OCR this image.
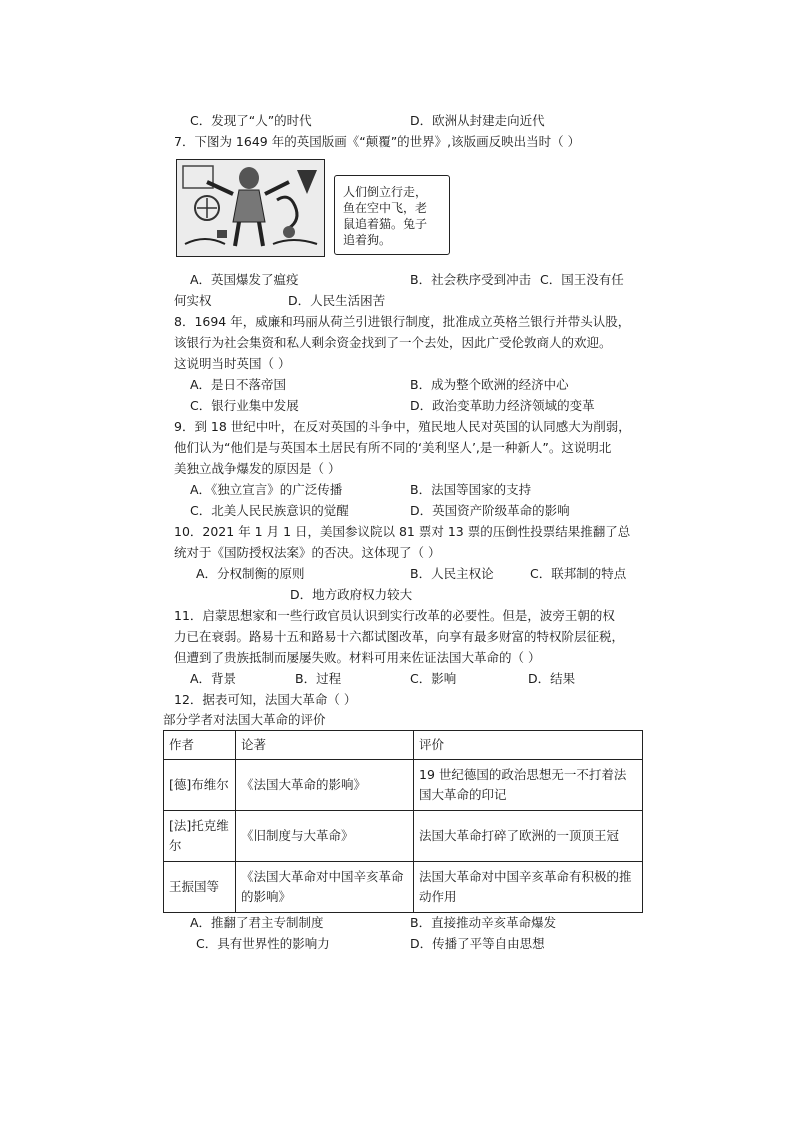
C．发现了“人”的时代	D．欧洲从封建走向近代
7．下图为 1649 年的英国版画《“颠覆”的世界》,该版画反映出当时（ ）
人们倒立行走，
鱼在空中飞，老
鼠追着猫。兔子
追着狗。
A．英国爆发了瘟疫	B．社会秩序受到冲击 C．国王没有任
何实权	D．人民生活困苦
8．1694 年，威廉和玛丽从荷兰引进银行制度，批准成立英格兰银行并带头认股，
该银行为社会集资和私人剩余资金找到了一个去处，因此广受伦敦商人的欢迎。
这说明当时英国（ ）
A．是日不落帝国	B．成为整个欧洲的经济中心
C．银行业集中发展	D．政治变革助力经济领域的变革
9．到 18 世纪中叶，在反对英国的斗争中，殖民地人民对英国的认同感大为削弱，
他们认为“他们是与英国本土居民有所不同的‘美利坚人’,是一种新人”。这说明北
美独立战争爆发的原因是（ ）
A．《独立宣言》的广泛传播	B．法国等国家的支持
C．北美人民民族意识的觉醒	D．英国资产阶级革命的影响
10．2021 年 1 月 1 日，美国参议院以 81 票对 13 票的压倒性投票结果推翻了总
统对于《国防授权法案》的否决。这体现了（ ）
A．分权制衡的原则	B．人民主权论	C．联邦制的特点
D．地方政府权力较大
11．启蒙思想家和一些行政官员认识到实行改革的必要性。但是，波旁王朝的权
力已在衰弱。路易十五和路易十六都试图改革，向享有最多财富的特权阶层征税，
但遭到了贵族抵制而屡屡失败。材料可用来佐证法国大革命的（ ）
A．背景	B．过程	C．影响	D．结果
12．据表可知，法国大革命（ ）
部分学者对法国大革命的评价
作者	论著	评价
[德]布维尔	《法国大革命的影响》	19 世纪德国的政治思想无一不打着法国大革命的印记
[法]托克维尔	《旧制度与大革命》	法国大革命打碎了欧洲的一顶顶王冠
王振国等	《法国大革命对中国辛亥革命的影响》	法国大革命对中国辛亥革命有积极的推动作用
A．推翻了君主专制制度	B．直接推动辛亥革命爆发
C．具有世界性的影响力	D．传播了平等自由思想
